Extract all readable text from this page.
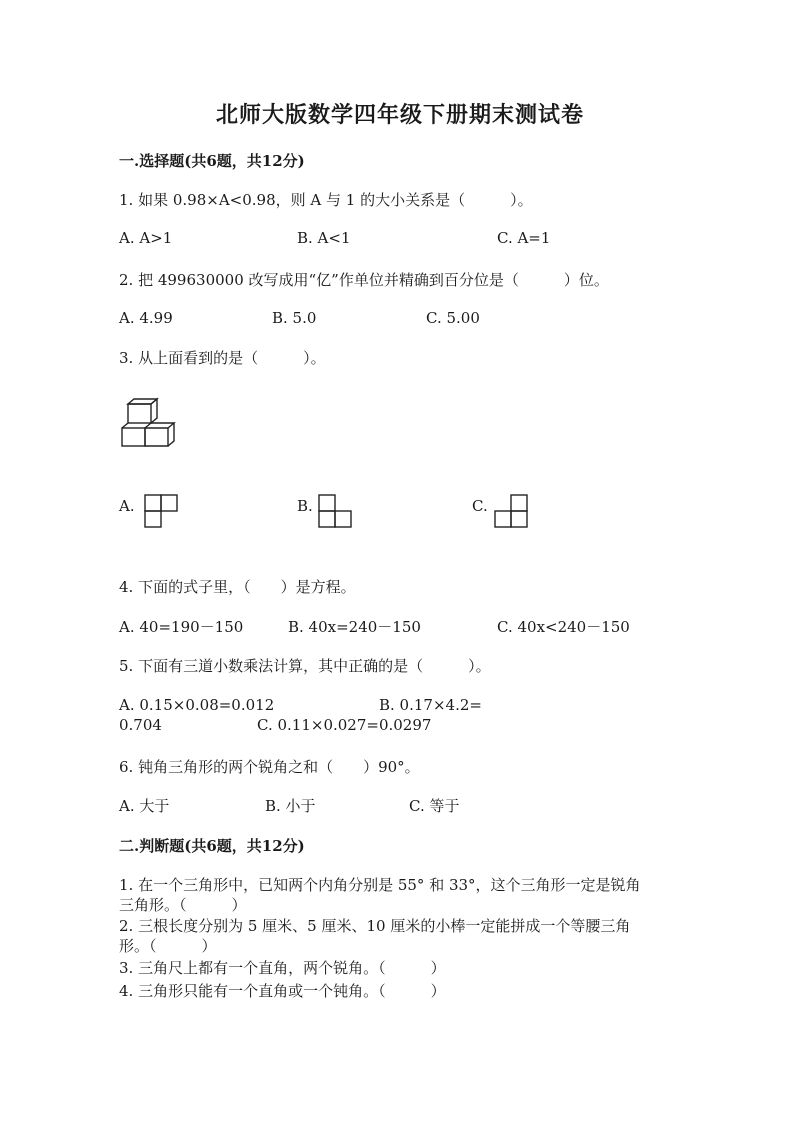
北师大版数学四年级下册期末测试卷
一.选择题(共6题，共12分)
1. 如果 0.98×A<0.98，则 A 与 1 的大小关系是（　　　）。
A. A>1	B. A<1	C. A=1
2. 把 499630000 改写成用“亿”作单位并精确到百分位是（　　　）位。
A. 4.99	B. 5.0	C. 5.00
3. 从上面看到的是（　　　）。
A.	B.	C.
4. 下面的式子里，（　　）是方程。
A. 40=190－150	B. 40x=240－150	C. 40x<240－150
5. 下面有三道小数乘法计算，其中正确的是（　　　）。
A. 0.15×0.08=0.012	B. 0.17×4.2=
0.704	C. 0.11×0.027=0.0297
6. 钝角三角形的两个锐角之和（　　）90°。
A. 大于	B. 小于	C. 等于
二.判断题(共6题，共12分)
1. 在一个三角形中，已知两个内角分别是 55° 和 33°，这个三角形一定是锐角
三角形。（　　　）
2. 三根长度分别为 5 厘米、5 厘米、10 厘米的小棒一定能拼成一个等腰三角
形。（　　　）
3. 三角尺上都有一个直角，两个锐角。（　　　）
4. 三角形只能有一个直角或一个钝角。（　　　）
